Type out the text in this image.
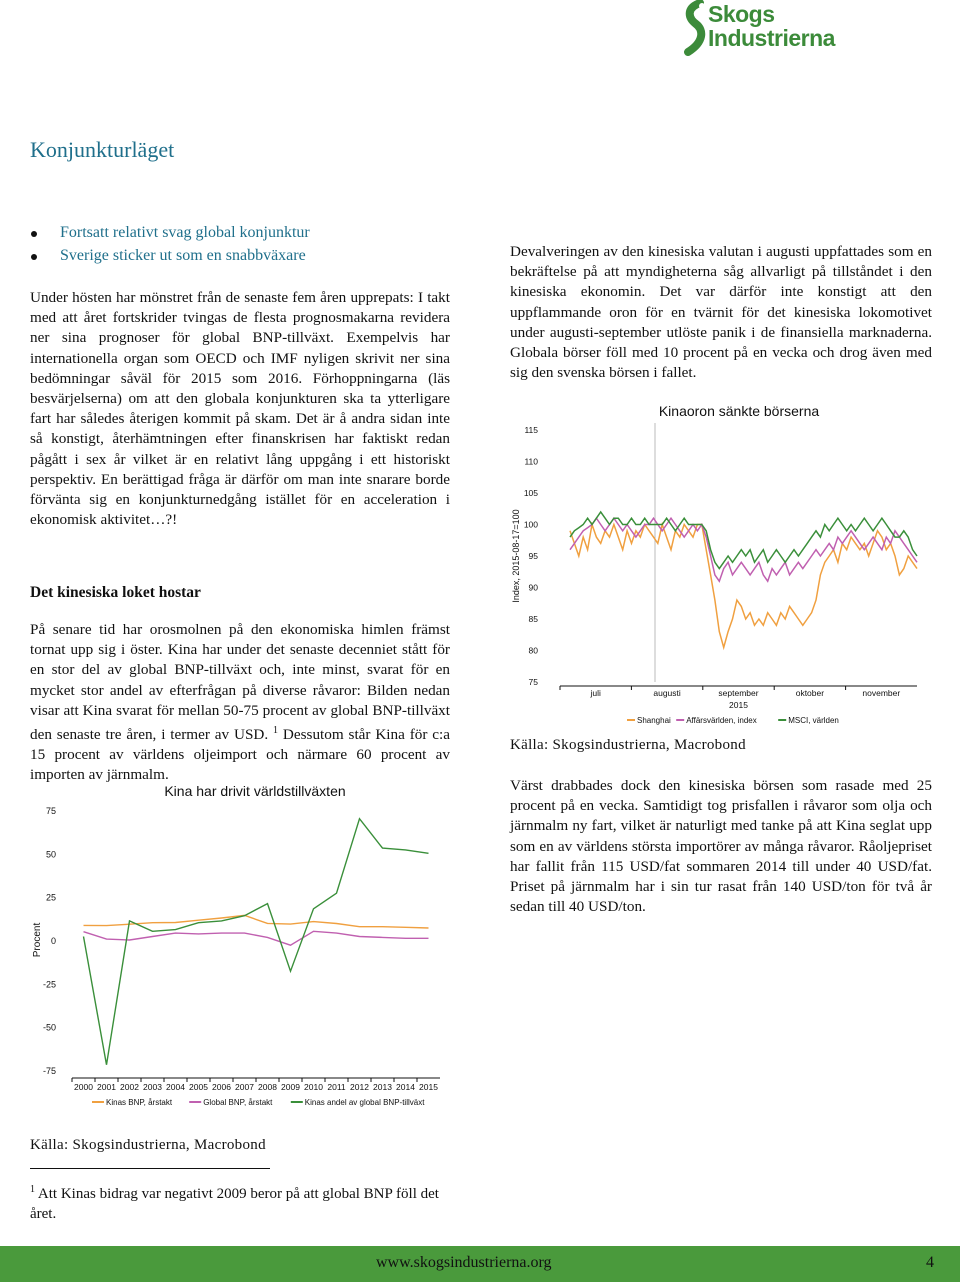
Skogs
Industrierna
Konjunkturläget
Fortsatt relativt svag global konjunktur
Sverige sticker ut som en snabbväxare

Under hösten har mönstret från de senaste fem åren upprepats: I takt med att året fortskrider tvingas de flesta prognosmakarna revidera ner sina prognoser för global BNP-tillväxt. Exempelvis har internationella organ som OECD och IMF nyligen skrivit ner sina bedömningar såväl för 2015 som 2016. Förhoppningarna (läs besvärjelserna) om att den globala konjunkturen ska ta ytterligare fart har således återigen kommit på skam. Det är å andra sidan inte så konstigt, återhämtningen efter finanskrisen har faktiskt redan pågått i sex år vilket är en relativt lång uppgång i ett historiskt perspektiv. En berättigad fråga är därför om man inte snarare borde förvänta sig en konjunkturnedgång istället för en acceleration i ekonomisk aktivitet…?!

Det kinesiska loket hostar

På senare tid har orosmolnen på den ekonomiska himlen främst tornat upp sig i öster. Kina har under det senaste decenniet stått för en stor del av global BNP-tillväxt och, inte minst, svarat för en mycket stor andel av efterfrågan på diverse råvaror: Bilden nedan visar att Kina svarat för mellan 50-75 procent av global BNP-tillväxt den senaste tre åren, i termer av USD. $^1$ Dessutom står Kina för c:a 15 procent av världens oljeimport och närmare 60 procent av importen av järnmalm.

Kina har drivit världstillväxten
75
50
25
0
-25
-50
-75
Procent
2000 2001 2002 2003 2004 2005 2006 2007 2008 2009 2010 2011 2012 2013 2014 2015
Kinas BNP, årstakt	Global BNP, årstakt	Kinas andel av global BNP-tillväxt

Källa: Skogsindustrierna, Macrobond

$^1$ Att Kinas bidrag var negativt 2009 beror på att global BNP föll det året.

Devalveringen av den kinesiska valutan i augusti uppfattades som en bekräftelse på att myndigheterna såg allvarligt på tillståndet i den kinesiska ekonomin. Det var därför inte konstigt att den uppflammande oron för en tvärnit för det kinesiska lokomotivet under augusti-september utlöste panik i de finansiella marknaderna. Globala börser föll med 10 procent på en vecka och drog även med sig den svenska börsen i fallet.

Kinaoron sänkte börserna
115
110
105
100
95
90
85
80
75
Index, 2015-08-17=100
juli	augusti	september	oktober	november
2015
Shanghai Affärsvärlden, index	MSCI, världen

Källa: Skogsindustrierna, Macrobond

Värst drabbades dock den kinesiska börsen som rasade med 25 procent på en vecka. Samtidigt tog prisfallen i råvaror som olja och järnmalm ny fart, vilket är naturligt med tanke på att Kina seglat upp som en av världens största importörer av många råvaror. Råoljepriset har fallit från 115 USD/fat sommaren 2014 till under 40 USD/fat. Priset på järnmalm har i sin tur rasat från 140 USD/ton för två år sedan till 40 USD/ton.

www.skogsindustrierna.org	4
